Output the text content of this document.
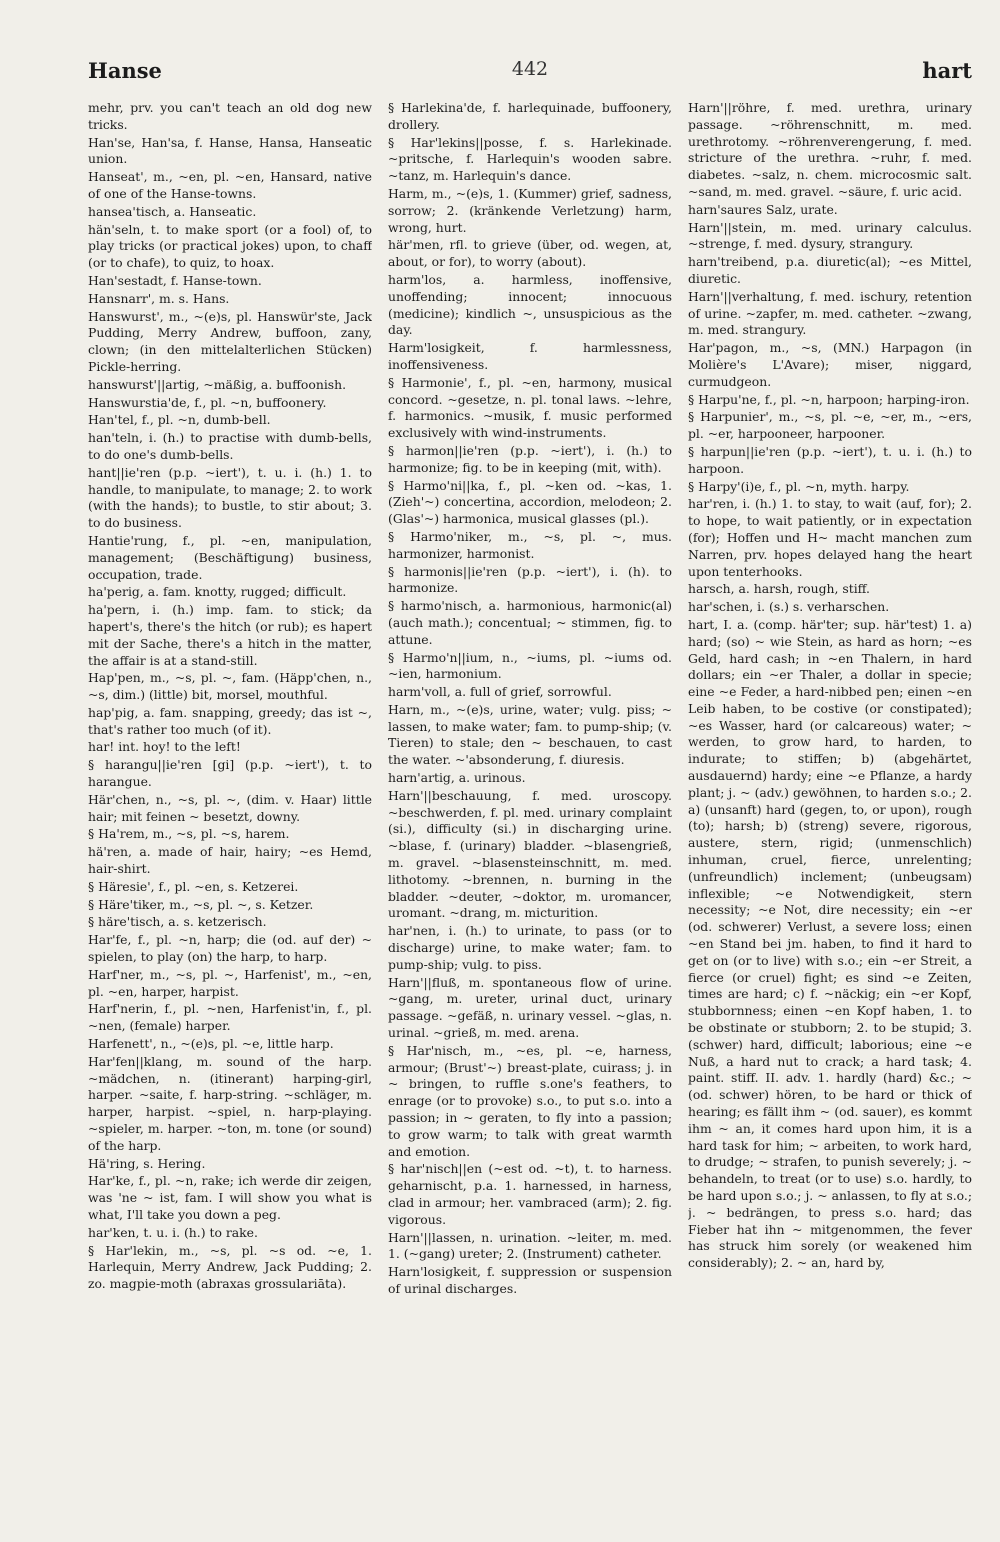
Hanse	442	hart

mehr, prv. you can't teach an old dog new tricks.

Han'se, Han'sa, f. Hanse, Hansa, Hanseatic union.

Hanseat', m., ~en, pl. ~en, Hansard, native of one of the Hanse-towns.

hansea'tisch, a. Hanseatic.

hän'seln, t. to make sport (or a fool) of, to play tricks (or practical jokes) upon, to chaff (or to chafe), to quiz, to hoax.

Han'sestadt, f. Hanse-town.

Hansnarr', m. s. Hans.

Hanswurst', m., ~(e)s, pl. Hanswür'ste, Jack Pudding, Merry Andrew, buffoon, zany, clown; (in den mittelalterlichen Stücken) Pickle-herring.

hanswurst'||artig, ~mäßig, a. buffoonish.

Hanswurstia'de, f., pl. ~n, buffoonery.

Han'tel, f., pl. ~n, dumb-bell.

han'teln, i. (h.) to practise with dumb-bells, to do one's dumb-bells.

hant||ie'ren (p.p. ~iert'), t. u. i. (h.) 1. to handle, to manipulate, to manage; 2. to work (with the hands); to bustle, to stir about; 3. to do business.

Hantie'rung, f., pl. ~en, manipulation, management; (Beschäftigung) business, occupation, trade.

ha'perig, a. fam. knotty, rugged; difficult.

ha'pern, i. (h.) imp. fam. to stick; da hapert's, there's the hitch (or rub); es hapert mit der Sache, there's a hitch in the matter, the affair is at a stand-still.

Hap'pen, m., ~s, pl. ~, fam. (Häpp'chen, n., ~s, dim.) (little) bit, morsel, mouthful.

hap'pig, a. fam. snapping, greedy; das ist ~, that's rather too much (of it).

har! int. hoy! to the left!

§ harangu||ie'ren [gi] (p.p. ~iert'), t. to harangue.

Här'chen, n., ~s, pl. ~, (dim. v. Haar) little hair; mit feinen ~ besetzt, downy.

§ Ha'rem, m., ~s, pl. ~s, harem.

hä'ren, a. made of hair, hairy; ~es Hemd, hair-shirt.

§ Häresie', f., pl. ~en, s. Ketzerei.

§ Häre'tiker, m., ~s, pl. ~, s. Ketzer.

§ häre'tisch, a. s. ketzerisch.

Har'fe, f., pl. ~n, harp; die (od. auf der) ~ spielen, to play (on) the harp, to harp.

Harf'ner, m., ~s, pl. ~, Harfenist', m., ~en, pl. ~en, harper, harpist.

Harf'nerin, f., pl. ~nen, Harfenist'in, f., pl. ~nen, (female) harper.

Harfenett', n., ~(e)s, pl. ~e, little harp.

Har'fen||klang, m. sound of the harp. ~mädchen, n. (itinerant) harping-girl, harper. ~saite, f. harp-string. ~schläger, m. harper, harpist. ~spiel, n. harp-playing. ~spieler, m. harper. ~ton, m. tone (or sound) of the harp.

Hä'ring, s. Hering.

Har'ke, f., pl. ~n, rake; ich werde dir zeigen, was 'ne ~ ist, fam. I will show you what is what, I'll take you down a peg.

har'ken, t. u. i. (h.) to rake.

§ Har'lekin, m., ~s, pl. ~s od. ~e, 1. Harlequin, Merry Andrew, Jack Pudding; 2. zo. magpie-moth (abraxas grossulariāta).

§ Harlekina'de, f. harlequinade, buffoonery, drollery.

§ Har'lekins||posse, f. s. Harlekinade. ~pritsche, f. Harlequin's wooden sabre. ~tanz, m. Harlequin's dance.

Harm, m., ~(e)s, 1. (Kummer) grief, sadness, sorrow; 2. (kränkende Verletzung) harm, wrong, hurt.

här'men, rfl. to grieve (über, od. wegen, at, about, or for), to worry (about).

harm'los, a. harmless, inoffensive, unoffending; innocent; innocuous (medicine); kindlich ~, unsuspicious as the day.

Harm'losigkeit, f. harmlessness, inoffensiveness.

§ Harmonie', f., pl. ~en, harmony, musical concord. ~gesetze, n. pl. tonal laws. ~lehre, f. harmonics. ~musik, f. music performed exclusively with wind-instruments.

§ harmon||ie'ren (p.p. ~iert'), i. (h.) to harmonize; fig. to be in keeping (mit, with).

§ Harmo'ni||ka, f., pl. ~ken od. ~kas, 1. (Zieh'~) concertina, accordion, melodeon; 2. (Glas'~) harmonica, musical glasses (pl.).

§ Harmo'niker, m., ~s, pl. ~, mus. harmonizer, harmonist.

§ harmonis||ie'ren (p.p. ~iert'), i. (h). to harmonize.

§ harmo'nisch, a. harmonious, harmonic(al) (auch math.); concentual; ~ stimmen, fig. to attune.

§ Harmo'n||ium, n., ~iums, pl. ~iums od. ~ien, harmonium.

harm'voll, a. full of grief, sorrowful.

Harn, m., ~(e)s, urine, water; vulg. piss; ~ lassen, to make water; fam. to pump-ship; (v. Tieren) to stale; den ~ beschauen, to cast the water. ~'absonderung, f. diuresis.

harn'artig, a. urinous.

Harn'||beschauung, f. med. uroscopy. ~beschwerden, f. pl. med. urinary complaint (si.), difficulty (si.) in discharging urine. ~blase, f. (urinary) bladder. ~blasengrieß, m. gravel. ~blasensteinschnitt, m. med. lithotomy. ~brennen, n. burning in the bladder. ~deuter, ~doktor, m. uromancer, uromant. ~drang, m. micturition.

har'nen, i. (h.) to urinate, to pass (or to discharge) urine, to make water; fam. to pump-ship; vulg. to piss.

Harn'||fluß, m. spontaneous flow of urine. ~gang, m. ureter, urinal duct, urinary passage. ~gefäß, n. urinary vessel. ~glas, n. urinal. ~grieß, m. med. arena.

§ Har'nisch, m., ~es, pl. ~e, harness, armour; (Brust'~) breast-plate, cuirass; j. in ~ bringen, to ruffle s.one's feathers, to enrage (or to provoke) s.o., to put s.o. into a passion; in ~ geraten, to fly into a passion; to grow warm; to talk with great warmth and emotion.

§ har'nisch||en (~est od. ~t), t. to harness. geharnischt, p.a. 1. harnessed, in harness, clad in armour; her. vambraced (arm); 2. fig. vigorous.

Harn'||lassen, n. urination. ~leiter, m. med. 1. (~gang) ureter; 2. (Instrument) catheter.

Harn'losigkeit, f. suppression or suspension of urinal discharges.

Harn'||röhre, f. med. urethra, urinary passage. ~röhrenschnitt, m. med. urethrotomy. ~röhrenverengerung, f. med. stricture of the urethra. ~ruhr, f. med. diabetes. ~salz, n. chem. microcosmic salt. ~sand, m. med. gravel. ~säure, f. uric acid.

harn'saures Salz, urate.

Harn'||stein, m. med. urinary calculus. ~strenge, f. med. dysury, strangury.

harn'treibend, p.a. diuretic(al); ~es Mittel, diuretic.

Harn'||verhaltung, f. med. ischury, retention of urine. ~zapfer, m. med. catheter. ~zwang, m. med. strangury.

Har'pagon, m., ~s, (MN.) Harpagon (in Molière's L'Avare); miser, niggard, curmudgeon.

§ Harpu'ne, f., pl. ~n, harpoon; harping-iron.

§ Harpunier', m., ~s, pl. ~e, ~er, m., ~ers, pl. ~er, harpooneer, harpooner.

§ harpun||ie'ren (p.p. ~iert'), t. u. i. (h.) to harpoon.

§ Harpy'(i)e, f., pl. ~n, myth. harpy.

har'ren, i. (h.) 1. to stay, to wait (auf, for); 2. to hope, to wait patiently, or in expectation (for); Hoffen und H~ macht manchen zum Narren, prv. hopes delayed hang the heart upon tenterhooks.

harsch, a. harsh, rough, stiff.

har'schen, i. (s.) s. verharschen.

hart, I. a. (comp. här'ter; sup. här'test) 1. a) hard; (so) ~ wie Stein, as hard as horn; ~es Geld, hard cash; in ~en Thalern, in hard dollars; ein ~er Thaler, a dollar in specie; eine ~e Feder, a hard-nibbed pen; einen ~en Leib haben, to be costive (or constipated); ~es Wasser, hard (or calcareous) water; ~ werden, to grow hard, to harden, to indurate; to stiffen; b) (abgehärtet, ausdauernd) hardy; eine ~e Pflanze, a hardy plant; j. ~ (adv.) gewöhnen, to harden s.o.; 2. a) (unsanft) hard (gegen, to, or upon), rough (to); harsh; b) (streng) severe, rigorous, austere, stern, rigid; (unmenschlich) inhuman, cruel, fierce, unrelenting; (unfreundlich) inclement; (unbeugsam) inflexible; ~e Notwendigkeit, stern necessity; ~e Not, dire necessity; ein ~er (od. schwerer) Verlust, a severe loss; einen ~en Stand bei jm. haben, to find it hard to get on (or to live) with s.o.; ein ~er Streit, a fierce (or cruel) fight; es sind ~e Zeiten, times are hard; c) f. ~näckig; ein ~er Kopf, stubbornness; einen ~en Kopf haben, 1. to be obstinate or stubborn; 2. to be stupid; 3. (schwer) hard, difficult; laborious; eine ~e Nuß, a hard nut to crack; a hard task; 4. paint. stiff. II. adv. 1. hardly (hard) &c.; ~ (od. schwer) hören, to be hard or thick of hearing; es fällt ihm ~ (od. sauer), es kommt ihm ~ an, it comes hard upon him, it is a hard task for him; ~ arbeiten, to work hard, to drudge; ~ strafen, to punish severely; j. ~ behandeln, to treat (or to use) s.o. hardly, to be hard upon s.o.; j. ~ anlassen, to fly at s.o.; j. ~ bedrängen, to press s.o. hard; das Fieber hat ihn ~ mitgenommen, the fever has struck him sorely (or weakened him considerably); 2. ~ an, hard by,
